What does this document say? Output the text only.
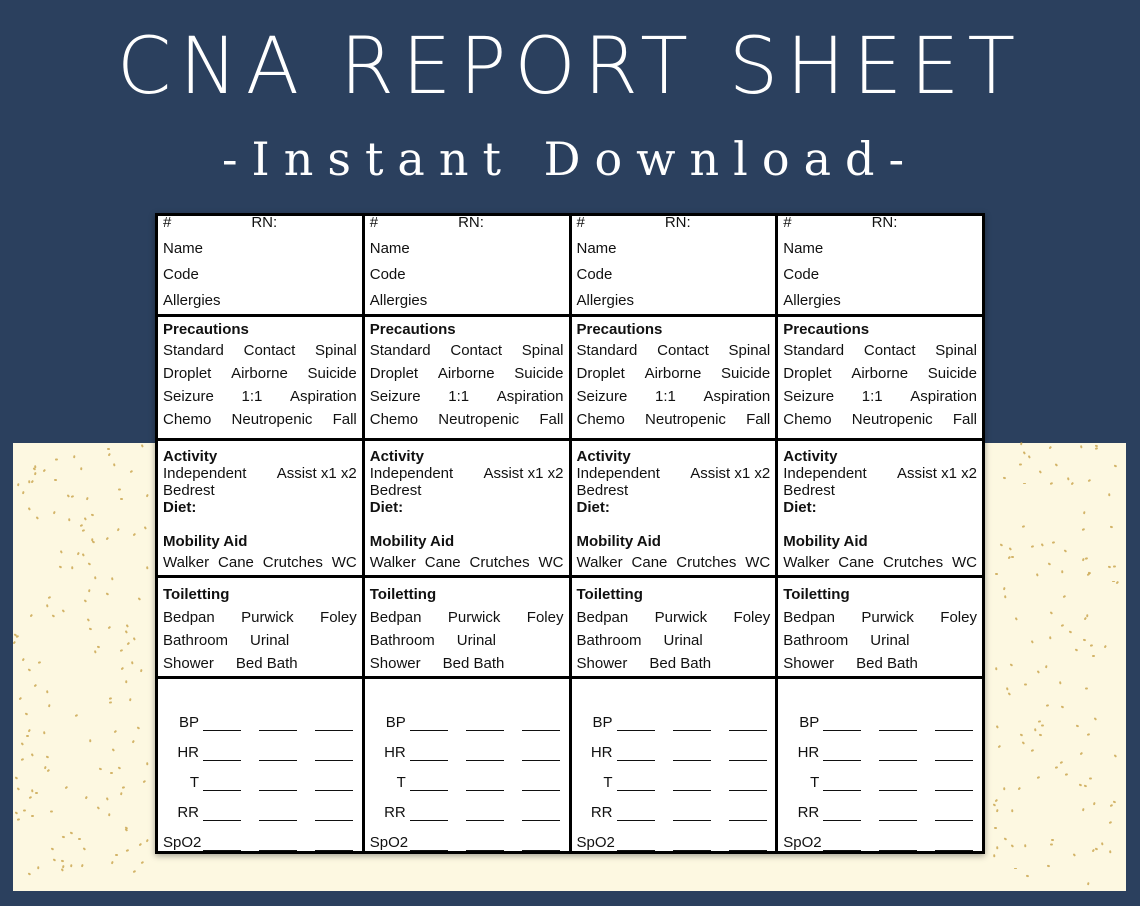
CNA REPORT SHEET
-Instant Download-
#	RN:
Name
Code
Allergies
Precautions
Standard Contact Spinal
Droplet Airborne Suicide
Seizure 1:1 Aspiration
Chemo Neutropenic Fall
Activity
Independent Assist x1 x2
Bedrest
Diet:
Mobility Aid
Walker Cane Crutches WC
Toiletting
Bedpan Purwick Foley
Bathroom Urinal
Shower Bed Bath
BP
HR
T
RR
SpO2
#	RN:
Name
Code
Allergies
Precautions
Standard Contact Spinal
Droplet Airborne Suicide
Seizure 1:1 Aspiration
Chemo Neutropenic Fall
Activity
Independent Assist x1 x2
Bedrest
Diet:
Mobility Aid
Walker Cane Crutches WC
Toiletting
Bedpan Purwick Foley
Bathroom Urinal
Shower Bed Bath
BP
HR
T
RR
SpO2
#	RN:
Name
Code
Allergies
Precautions
Standard Contact Spinal
Droplet Airborne Suicide
Seizure 1:1 Aspiration
Chemo Neutropenic Fall
Activity
Independent Assist x1 x2
Bedrest
Diet:
Mobility Aid
Walker Cane Crutches WC
Toiletting
Bedpan Purwick Foley
Bathroom Urinal
Shower Bed Bath
BP
HR
T
RR
SpO2
#	RN:
Name
Code
Allergies
Precautions
Standard Contact Spinal
Droplet Airborne Suicide
Seizure 1:1 Aspiration
Chemo Neutropenic Fall
Activity
Independent Assist x1 x2
Bedrest
Diet:
Mobility Aid
Walker Cane Crutches WC
Toiletting
Bedpan Purwick Foley
Bathroom Urinal
Shower Bed Bath
BP
HR
T
RR
SpO2
